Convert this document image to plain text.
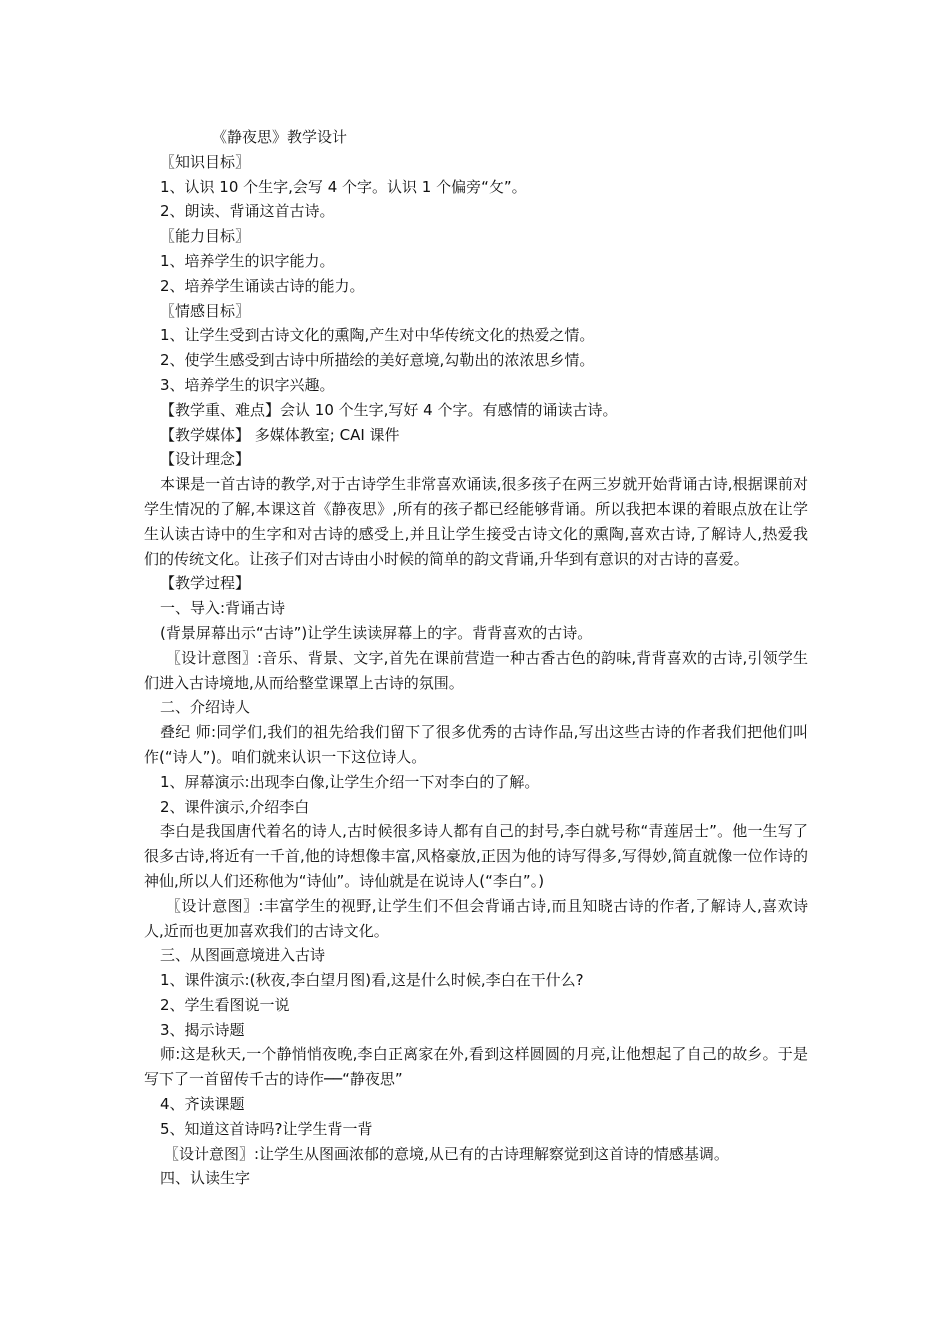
《静夜思》教学设计
〖知识目标〗
1、认识 10 个生字,会写 4 个字。认识 1 个偏旁“攵”。
2、朗读、背诵这首古诗。
〖能力目标〗
1、培养学生的识字能力。
2、培养学生诵读古诗的能力。
〖情感目标〗
1、让学生受到古诗文化的熏陶,产生对中华传统文化的热爱之情。
2、使学生感受到古诗中所描绘的美好意境,勾勒出的浓浓思乡情。
3、培养学生的识字兴趣。
【教学重、难点】会认 10 个生字,写好 4 个字。有感情的诵读古诗。
【教学媒体】 多媒体教室; CAI 课件
【设计理念】
本课是一首古诗的教学,对于古诗学生非常喜欢诵读,很多孩子在两三岁就开始背诵古诗,根据课前对学生情况的了解,本课这首《静夜思》,所有的孩子都已经能够背诵。所以我把本课的着眼点放在让学生认读古诗中的生字和对古诗的感受上,并且让学生接受古诗文化的熏陶,喜欢古诗,了解诗人,热爱我们的传统文化。让孩子们对古诗由小时候的简单的韵文背诵,升华到有意识的对古诗的喜爱。
【教学过程】
一、导入:背诵古诗
(背景屏幕出示“古诗”)让学生读读屏幕上的字。背背喜欢的古诗。
〖设计意图〗:音乐、背景、文字,首先在课前营造一种古香古色的韵味,背背喜欢的古诗,引领学生们进入古诗境地,从而给整堂课罩上古诗的氛围。
二、介绍诗人
叠纪 师:同学们,我们的祖先给我们留下了很多优秀的古诗作品,写出这些古诗的作者我们把他们叫作(“诗人”)。咱们就来认识一下这位诗人。
1、屏幕演示:出现李白像,让学生介绍一下对李白的了解。
2、课件演示,介绍李白
李白是我国唐代着名的诗人,古时候很多诗人都有自己的封号,李白就号称“青莲居士”。他一生写了很多古诗,将近有一千首,他的诗想像丰富,风格豪放,正因为他的诗写得多,写得妙,简直就像一位作诗的神仙,所以人们还称他为“诗仙”。诗仙就是在说诗人(“李白”。)
〖设计意图〗:丰富学生的视野,让学生们不但会背诵古诗,而且知晓古诗的作者,了解诗人,喜欢诗人,近而也更加喜欢我们的古诗文化。
三、从图画意境进入古诗
1、课件演示:(秋夜,李白望月图)看,这是什么时候,李白在干什么?
2、学生看图说一说
3、揭示诗题
师:这是秋天,一个静悄悄夜晚,李白正离家在外,看到这样圆圆的月亮,让他想起了自己的故乡。于是写下了一首留传千古的诗作──“静夜思”
4、齐读课题
5、知道这首诗吗?让学生背一背
〖设计意图〗:让学生从图画浓郁的意境,从已有的古诗理解察觉到这首诗的情感基调。
四、认读生字
